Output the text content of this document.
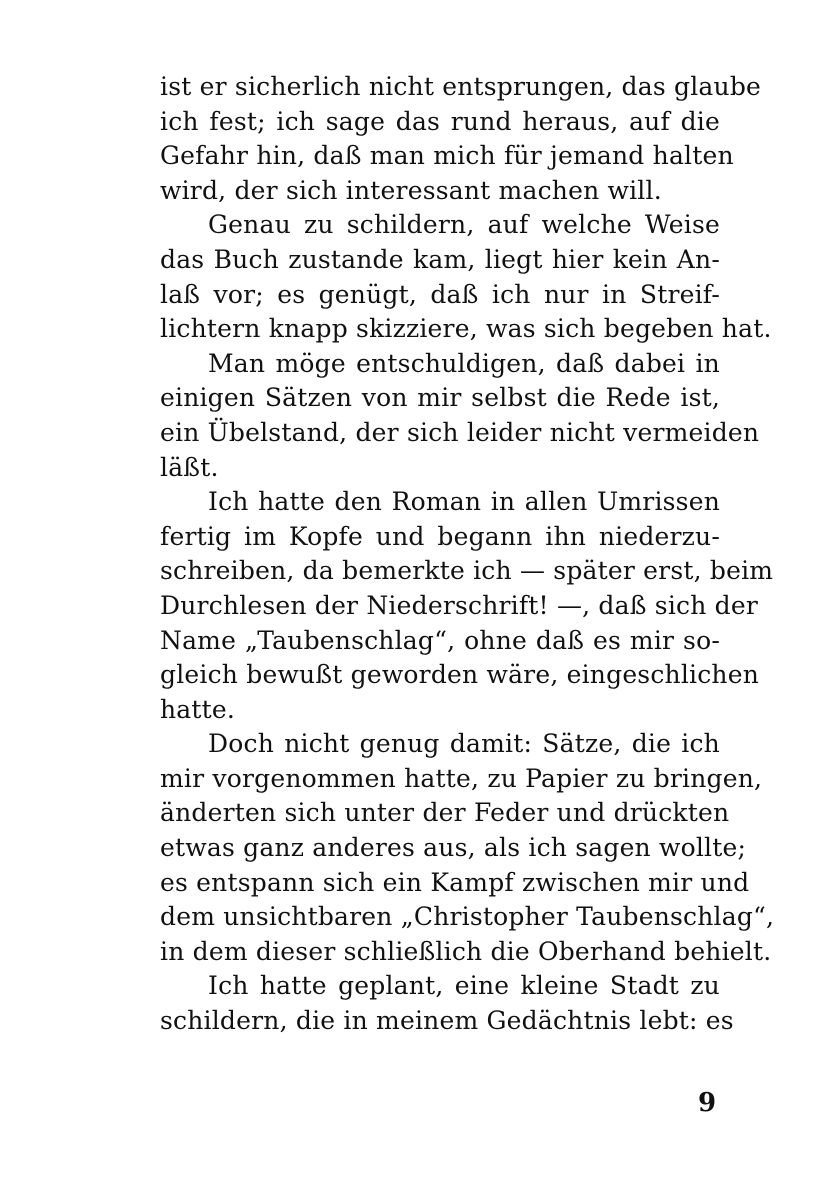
ist er sicherlich nicht entsprungen, das glaube
ich fest; ich sage das rund heraus, auf die
Gefahr hin, daß man mich für jemand halten
wird, der sich interessant machen will.
Genau zu schildern, auf welche Weise
das Buch zustande kam, liegt hier kein An-
laß vor; es genügt, daß ich nur in Streif-
lichtern knapp skizziere, was sich begeben hat.
Man möge entschuldigen, daß dabei in
einigen Sätzen von mir selbst die Rede ist,
ein Übelstand, der sich leider nicht vermeiden
läßt.
Ich hatte den Roman in allen Umrissen
fertig im Kopfe und begann ihn niederzu-
schreiben, da bemerkte ich — später erst, beim
Durchlesen der Niederschrift! —, daß sich der
Name „Taubenschlag“, ohne daß es mir so-
gleich bewußt geworden wäre, eingeschlichen
hatte.
Doch nicht genug damit: Sätze, die ich
mir vorgenommen hatte, zu Papier zu bringen,
änderten sich unter der Feder und drückten
etwas ganz anderes aus, als ich sagen wollte;
es entspann sich ein Kampf zwischen mir und
dem unsichtbaren „Christopher Taubenschlag“,
in dem dieser schließlich die Oberhand behielt.
Ich hatte geplant, eine kleine Stadt zu
schildern, die in meinem Gedächtnis lebt: es
9
